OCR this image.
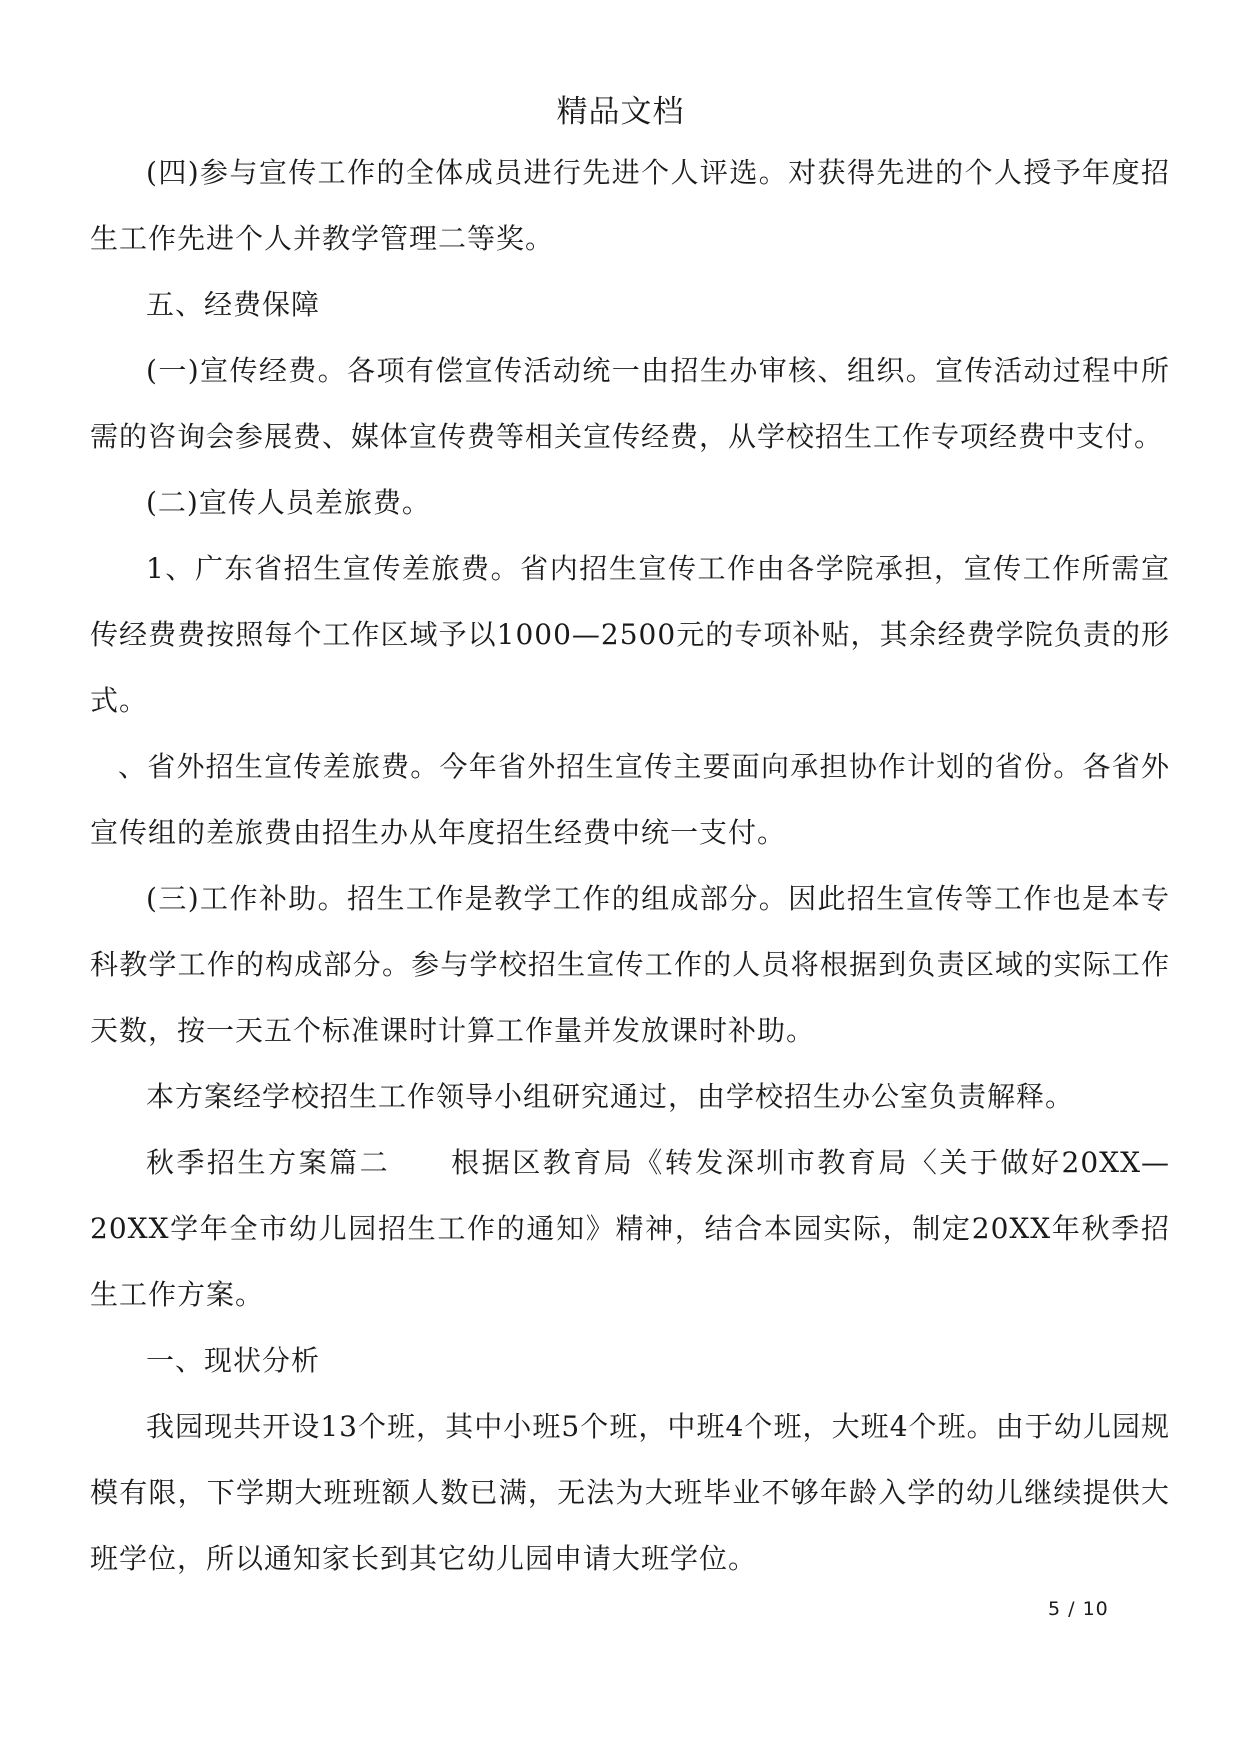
精品文档

(四)参与宣传工作的全体成员进行先进个人评选。对获得先进的个人授予年度招生工作先进个人并教学管理二等奖。

五、经费保障

(一)宣传经费。各项有偿宣传活动统一由招生办审核、组织。宣传活动过程中所需的咨询会参展费、媒体宣传费等相关宣传经费，从学校招生工作专项经费中支付。

(二)宣传人员差旅费。

1、广东省招生宣传差旅费。省内招生宣传工作由各学院承担，宣传工作所需宣传经费费按照每个工作区域予以1000—2500元的专项补贴，其余经费学院负责的形式。

、省外招生宣传差旅费。今年省外招生宣传主要面向承担协作计划的省份。各省外宣传组的差旅费由招生办从年度招生经费中统一支付。

(三)工作补助。招生工作是教学工作的组成部分。因此招生宣传等工作也是本专科教学工作的构成部分。参与学校招生宣传工作的人员将根据到负责区域的实际工作天数，按一天五个标准课时计算工作量并发放课时补助。

本方案经学校招生工作领导小组研究通过，由学校招生办公室负责解释。

秋季招生方案篇二　　根据区教育局《转发深圳市教育局〈关于做好20XX—20XX学年全市幼儿园招生工作的通知》精神，结合本园实际，制定20XX年秋季招生工作方案。

一、现状分析

我园现共开设13个班，其中小班5个班，中班4个班，大班4个班。由于幼儿园规模有限，下学期大班班额人数已满，无法为大班毕业不够年龄入学的幼儿继续提供大班学位，所以通知家长到其它幼儿园申请大班学位。

5 / 10
